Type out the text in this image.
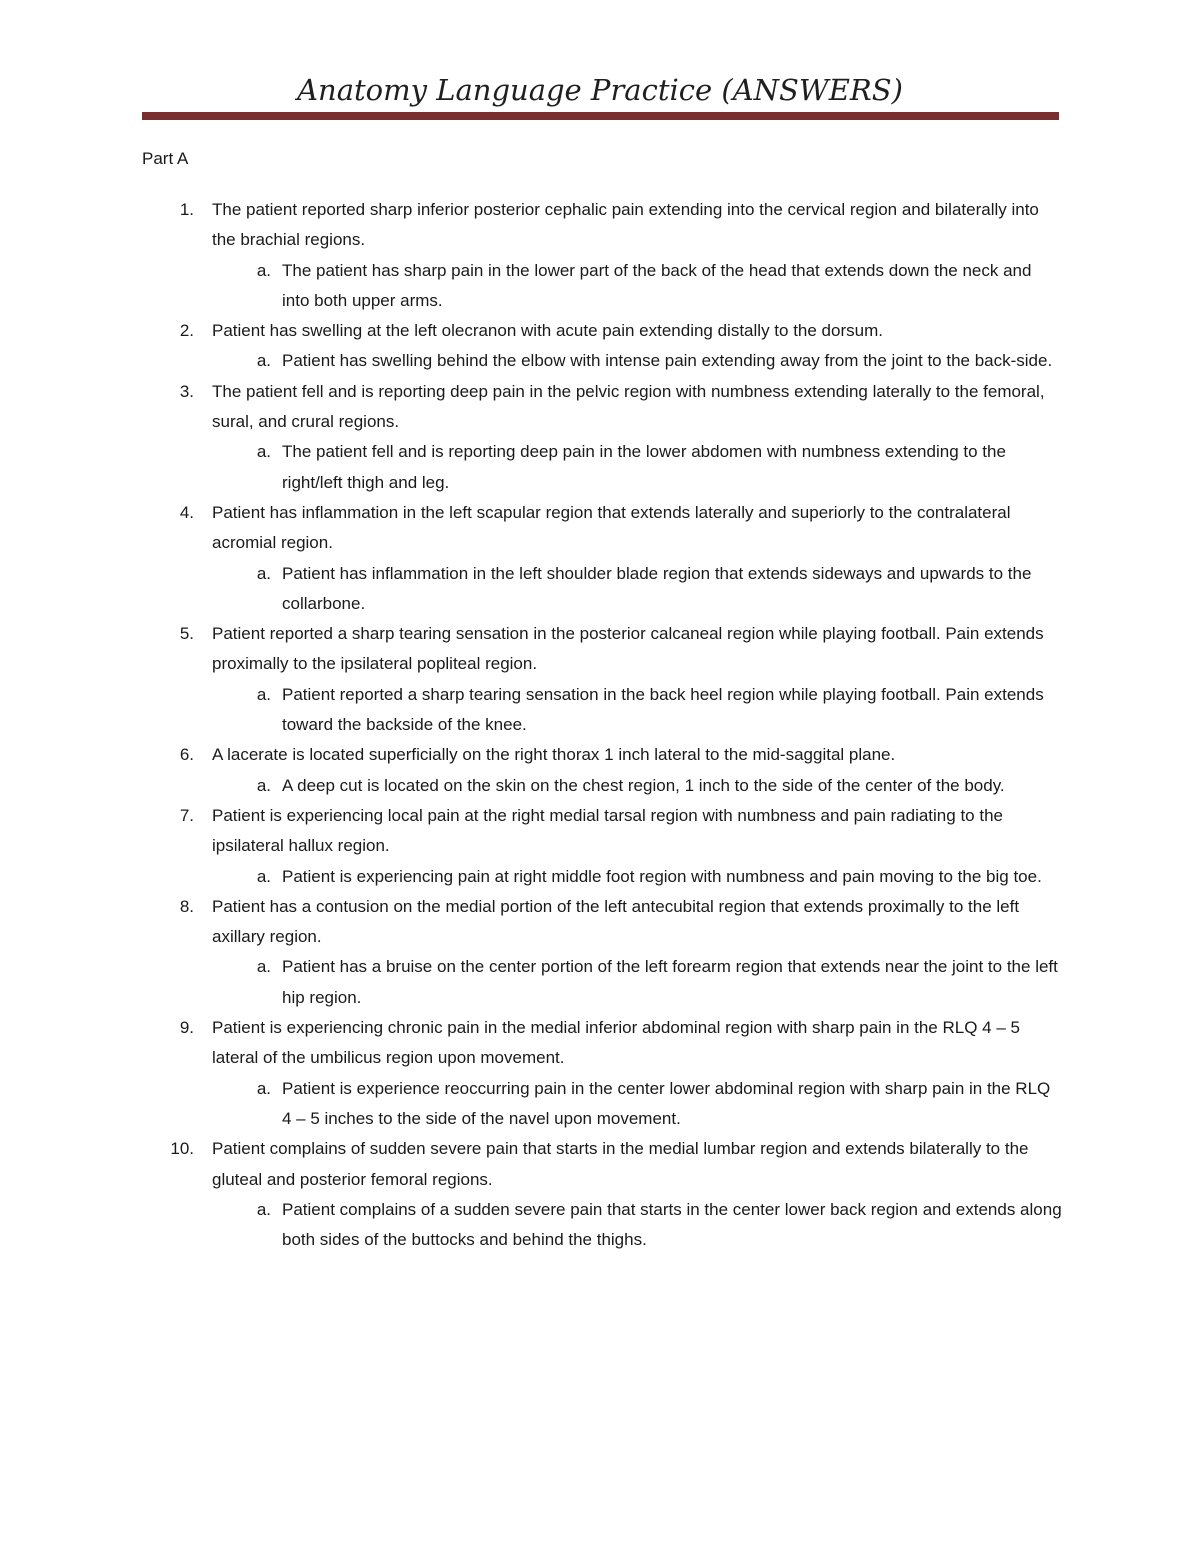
Anatomy Language Practice (ANSWERS)
Part A
1. The patient reported sharp inferior posterior cephalic pain extending into the cervical region and bilaterally into the brachial regions.
a. The patient has sharp pain in the lower part of the back of the head that extends down the neck and into both upper arms.
2. Patient has swelling at the left olecranon with acute pain extending distally to the dorsum.
a. Patient has swelling behind the elbow with intense pain extending away from the joint to the back-side.
3. The patient fell and is reporting deep pain in the pelvic region with numbness extending laterally to the femoral, sural, and crural regions.
a. The patient fell and is reporting deep pain in the lower abdomen with numbness extending to the right/left thigh and leg.
4. Patient has inflammation in the left scapular region that extends laterally and superiorly to the contralateral acromial region.
a. Patient has inflammation in the left shoulder blade region that extends sideways and upwards to the collarbone.
5. Patient reported a sharp tearing sensation in the posterior calcaneal region while playing football. Pain extends proximally to the ipsilateral popliteal region.
a. Patient reported a sharp tearing sensation in the back heel region while playing football. Pain extends toward the backside of the knee.
6. A lacerate is located superficially on the right thorax 1 inch lateral to the mid-saggital plane.
a. A deep cut is located on the skin on the chest region, 1 inch to the side of the center of the body.
7. Patient is experiencing local pain at the right medial tarsal region with numbness and pain radiating to the ipsilateral hallux region.
a. Patient is experiencing pain at right middle foot region with numbness and pain moving to the big toe.
8. Patient has a contusion on the medial portion of the left antecubital region that extends proximally to the left axillary region.
a. Patient has a bruise on the center portion of the left forearm region that extends near the joint to the left hip region.
9. Patient is experiencing chronic pain in the medial inferior abdominal region with sharp pain in the RLQ 4 – 5 lateral of the umbilicus region upon movement.
a. Patient is experience reoccurring pain in the center lower abdominal region with sharp pain in the RLQ 4 – 5 inches to the side of the navel upon movement.
10. Patient complains of sudden severe pain that starts in the medial lumbar region and extends bilaterally to the gluteal and posterior femoral regions.
a. Patient complains of a sudden severe pain that starts in the center lower back region and extends along both sides of the buttocks and behind the thighs.
